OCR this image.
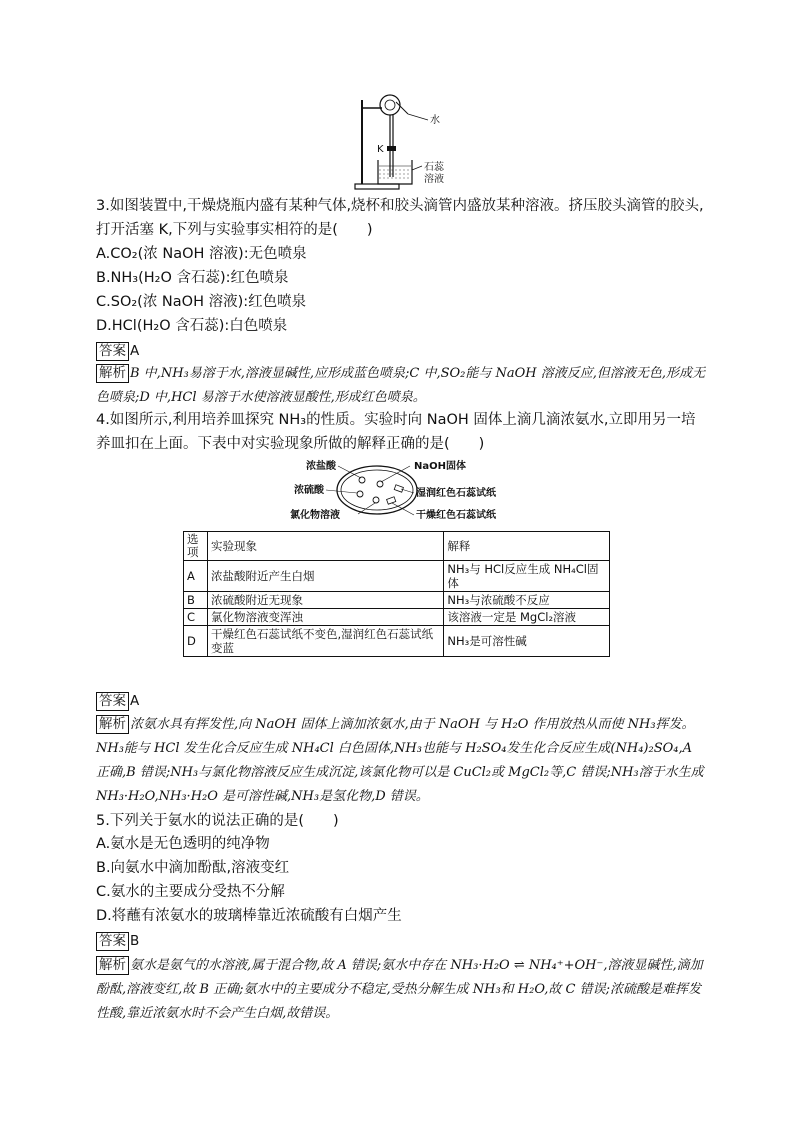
水
K
石蕊
溶液
3.如图装置中,干燥烧瓶内盛有某种气体,烧杯和胶头滴管内盛放某种溶液。挤压胶头滴管的胶头,打开活塞 K,下列与实验事实相符的是(　　)
A.CO₂(浓 NaOH 溶液):无色喷泉
B.NH₃(H₂O 含石蕊):红色喷泉
C.SO₂(浓 NaOH 溶液):红色喷泉
D.HCl(H₂O 含石蕊):白色喷泉
答案 A
解析 B 中,NH₃易溶于水,溶液显碱性,应形成蓝色喷泉;C 中,SO₂能与 NaOH 溶液反应,但溶液无色,形成无色喷泉;D 中,HCl 易溶于水使溶液显酸性,形成红色喷泉。
4.如图所示,利用培养皿探究 NH₃的性质。实验时向 NaOH 固体上滴几滴浓氨水,立即用另一培养皿扣在上面。下表中对实验现象所做的解释正确的是(　　)
浓盐酸	NaOH固体
浓硫酸	湿润红色石蕊试纸
氯化物溶液	干燥红色石蕊试纸
选项	实验现象	解释
A	浓盐酸附近产生白烟	NH₃与 HCl反应生成 NH₄Cl固体
B	浓硫酸附近无现象	NH₃与浓硫酸不反应
C	氯化物溶液变浑浊	该溶液一定是 MgCl₂溶液
D	干燥红色石蕊试纸不变色,湿润红色石蕊试纸变蓝	NH₃是可溶性碱
答案 A
解析 浓氨水具有挥发性,向 NaOH 固体上滴加浓氨水,由于 NaOH 与 H₂O 作用放热从而使 NH₃挥发。NH₃能与 HCl 发生化合反应生成 NH₄Cl 白色固体,NH₃也能与 H₂SO₄发生化合反应生成(NH₄)₂SO₄,A 正确,B 错误;NH₃与氯化物溶液反应生成沉淀,该氯化物可以是 CuCl₂或 MgCl₂等,C 错误;NH₃溶于水生成 NH₃·H₂O,NH₃·H₂O 是可溶性碱,NH₃是氢化物,D 错误。
5.下列关于氨水的说法正确的是(　　)
A.氨水是无色透明的纯净物
B.向氨水中滴加酚酞,溶液变红
C.氨水的主要成分受热不分解
D.将蘸有浓氨水的玻璃棒靠近浓硫酸有白烟产生
答案 B
解析 氨水是氨气的水溶液,属于混合物,故 A 错误;氨水中存在 NH₃·H₂O ⇌ NH₄⁺+OH⁻,溶液显碱性,滴加酚酞,溶液变红,故 B 正确;氨水中的主要成分不稳定,受热分解生成 NH₃和 H₂O,故 C 错误;浓硫酸是难挥发性酸,靠近浓氨水时不会产生白烟,故错误。
